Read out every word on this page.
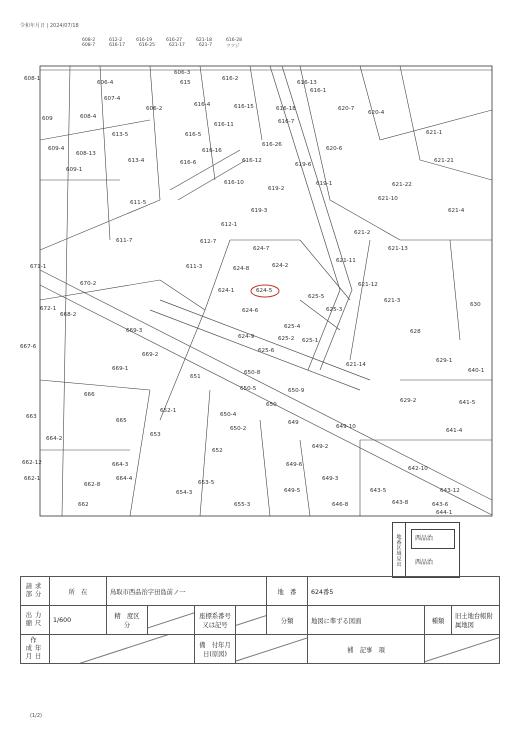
令和年月日 | 2024/07/18
608-2	612-2	616-19	616-27	621-18	616-28
608-7	616-17	616-25	621-17	621-7	ツツジ
608-1
606-4
606-3
615
616-2
616-13
616-1
607-4
606-2
616-4	616-15	616-18
616-7
620-7
620-4
609	608-4
613-5
616-11
621-1
609-4
608-13
609-1
616-5
616-26
616-16
616-12
620-6
613-4	616-6	619-6
621-21
616-10
619-2
619-1	621-22
621-10
611-5
619-3	621-4
612-1
621-2
611-7	612-7
624-7	621-13
671-1	611-3	624-8	624-2
621-11
670-2
624-1	624-5
625-5
621-12
630
672-1
668-2
624-6	625-3
621-3
669-3
625-4
628
624-9	625-2 625-1
667-6
669-2
625-6
621-14
629-1
669-1
651
650-8	640-1
666
650-5
650
650-9
629-2	641-5
663
665
652-1
650-4
649
649-10
664-2
653
650-2	641-4
649-2
652
664-3	649-6
662-12
662-1	664-4
653-5
649-3
642-10
643-12
649-5	643-5
662-8
654-3
662	655-3	646-8	643-8	643-6
644-1
地番区域見出	西品治
西品治
請求部分	所　在	鳥取市西品治字田島前ノ一				地　番	624番5		
出力縮尺	1/600	精　度区　分		座標系番号又は記号		分類	地図に準ずる図面	種類	旧土地台帳附属地図
作　成年月日				備　付年月日(原図)			補　記事　項		
(1/2)
